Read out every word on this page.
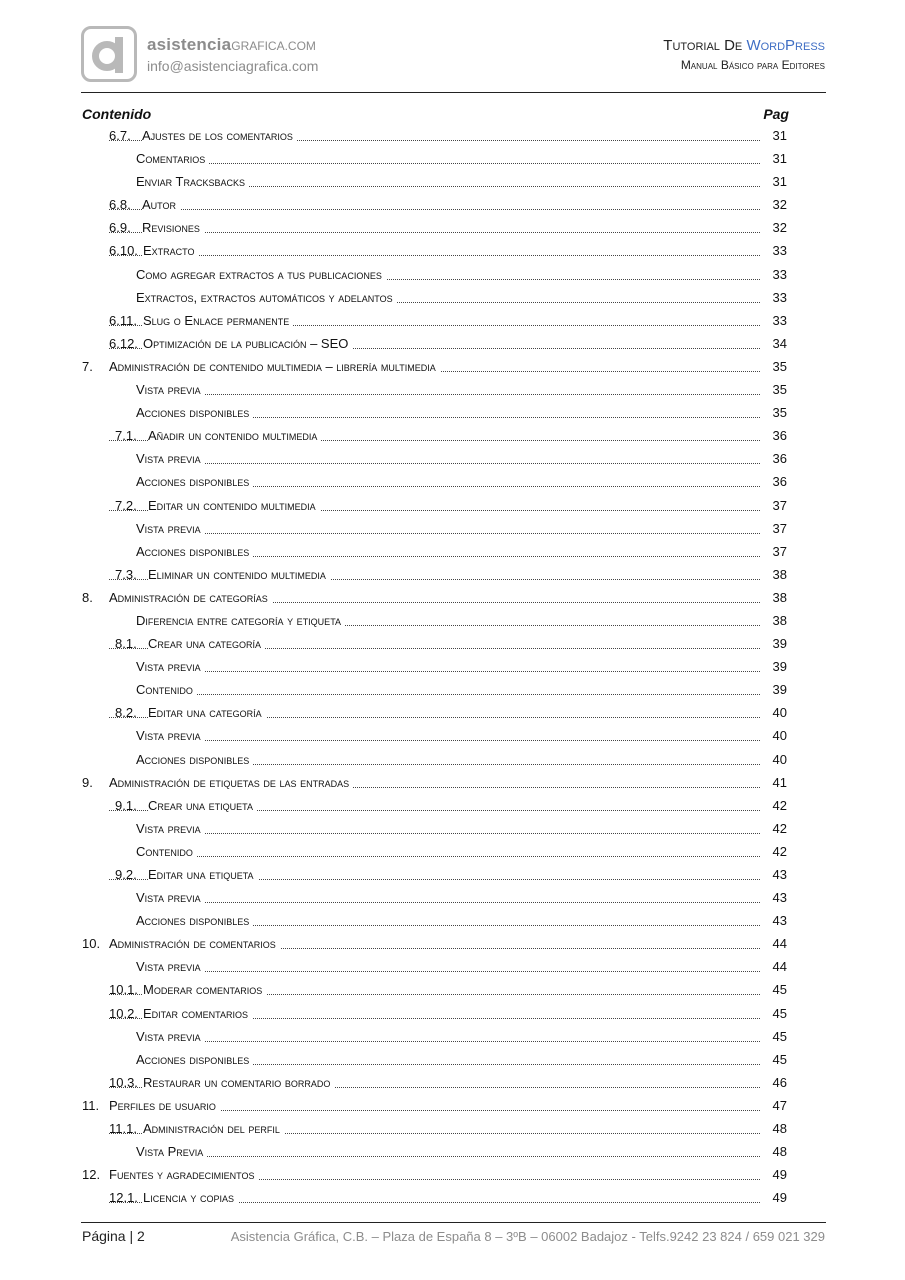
asistenciaGRAFICA.COM
info@asistenciagrafica.com
Tutorial De WordPress
Manual Básico para Editores
Contenido	Pag
6.7. Ajustes de los comentarios	31
Comentarios	31
Enviar Tracksbacks	31
6.8. Autor	32
6.9. Revisiones	32
6.10. Extracto	33
Como agregar extractos a tus publicaciones	33
Extractos, extractos automáticos y adelantos	33
6.11. Slug o Enlace permanente	33
6.12. Optimización de la publicación – SEO	34
7. Administración de contenido multimedia – librería multimedia	35
Vista previa	35
Acciones disponibles	35
7.1. Añadir un contenido multimedia	36
Vista previa	36
Acciones disponibles	36
7.2. Editar un contenido multimedia	37
Vista previa	37
Acciones disponibles	37
7.3. Eliminar un contenido multimedia	38
8. Administración de categorías	38
Diferencia entre categoría y etiqueta	38
8.1. Crear una categoría	39
Vista previa	39
Contenido	39
8.2. Editar una categoría	40
Vista previa	40
Acciones disponibles	40
9. Administración de etiquetas de las entradas	41
9.1. Crear una etiqueta	42
Vista previa	42
Contenido	42
9.2. Editar una etiqueta	43
Vista previa	43
Acciones disponibles	43
10. Administración de comentarios	44
Vista previa	44
10.1. Moderar comentarios	45
10.2. Editar comentarios	45
Vista previa	45
Acciones disponibles	45
10.3. Restaurar un comentario borrado	46
11. Perfiles de usuario	47
11.1. Administración del perfil	48
Vista Previa	48
12. Fuentes y agradecimientos	49
12.1. Licencia y copias	49
Página | 2	Asistencia Gráfica, C.B. – Plaza de España 8 – 3ºB – 06002 Badajoz - Telfs.9242 23 824 / 659 021 329
